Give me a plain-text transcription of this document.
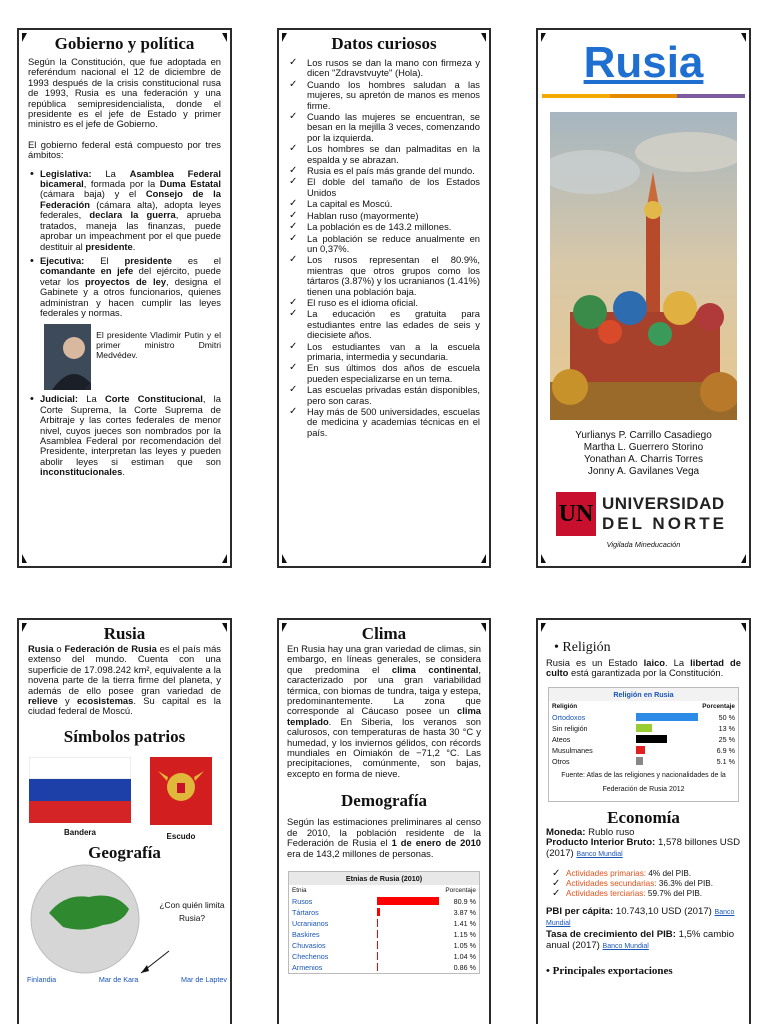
Gobierno y política

Según la Constitución, que fue adoptada en referéndum nacional el 12 de diciembre de 1993 después de la crisis constitucional rusa de 1993, Rusia es una federación y una república semipresidencialista, donde el presidente es el jefe de Estado y primer ministro es el jefe de Gobierno.

El gobierno federal está compuesto por tres ámbitos:

• Legislativa: La Asamblea Federal bicameral, formada por la Duma Estatal (cámara baja) y el Consejo de la Federación (cámara alta), adopta leyes federales, declara la guerra, aprueba tratados, maneja las finanzas, puede aprobar un impeachment por el que puede destituir al presidente.
• Ejecutiva: El presidente es el comandante en jefe del ejército, puede vetar los proyectos de ley, designa el Gabinete y a otros funcionarios, quienes administran y hacen cumplir las leyes federales y normas.
El presidente Vladimir Putin y el primer ministro Dmitri Medvédev.
• Judicial: La Corte Constitucional, la Corte Suprema, la Corte Suprema de Arbitraje y las cortes federales de menor nivel, cuyos jueces son nombrados por la Asamblea Federal por recomendación del Presidente, interpretan las leyes y pueden abolir leyes si estiman que son inconstitucionales.
Datos curiosos
✓ Los rusos se dan la mano con firmeza y dicen "Zdravstvuyte" (Hola).
✓ Cuando los hombres saludan a las mujeres, su apretón de manos es menos firme.
✓ Cuando las mujeres se encuentran, se besan en la mejilla 3 veces, comenzando por la izquierda.
✓ Los hombres se dan palmaditas en la espalda y se abrazan.
✓ Rusia es el país más grande del mundo.
✓ El doble del tamaño de los Estados Unidos
✓ La capital es Moscú.
✓ Hablan ruso (mayormente)
✓ La población es de 143.2 millones.
✓ La población se reduce anualmente en un 0,37%.
✓ Los rusos representan el 80.9%, mientras que otros grupos como los tártaros (3.87%) y los ucranianos (1.41%) tienen una población baja.
✓ El ruso es el idioma oficial.
✓ La educación es gratuita para estudiantes entre las edades de seis y diecisiete años.
✓ Los estudiantes van a la escuela primaria, intermedia y secundaria.
✓ En sus últimos dos años de escuela pueden especializarse en un tema.
✓ Las escuelas privadas están disponibles, pero son caras.
✓ Hay más de 500 universidades, escuelas de medicina y academias técnicas en el país.
Rusia
Yurlianys P. Carrillo Casadiego
Martha L. Guerrero Storino
Yonathan A. Charris Torres
Jonny A. Gavilanes Vega
UN UNIVERSIDAD
DEL NORTE
Vigilada Mineducación
Rusia

Rusia o Federación de Rusia es el país más extenso del mundo. Cuenta con una superficie de 17.098.242 km², equivalente a la novena parte de la tierra firme del planeta, y además de ello posee gran variedad de relieve y ecosistemas. Su capital es la ciudad federal de Moscú.

Símbolos patrios
Bandera	Escudo
Geografía
¿Con quién limita Rusia?
Finlandia	Mar de Kara	Mar de Laptev
Clima

En Rusia hay una gran variedad de climas, sin embargo, en líneas generales, se considera que predomina el clima continental, caracterizado por una gran variabilidad térmica, con biomas de tundra, taiga y estepa, predominantemente. La zona que corresponde al Cáucaso posee un clima templado. En Siberia, los veranos son calurosos, con temperaturas de hasta 30 °C y humedad, y los inviernos gélidos, con récords mundiales en Oimiakón de −71,2 °C. Las precipitaciones, comúnmente, son bajas, excepto en forma de nieve.

Demografía

Según las estimaciones preliminares al censo de 2010, la población residente de la Federación de Rusia el 1 de enero de 2010 era de 143,2 millones de personas.

Etnias de Rusia (2010)
Etnia	Porcentaje
Rusos	80.9 %
Tártaros	3.87 %
Ucranianos	1.41 %
Baskires	1.15 %
Chuvasios	1.05 %
Chechenos	1.04 %
Armenios	0.86 %
• Religión

Rusia es un Estado laico. La libertad de culto está garantizada por la Constitución.

Religión en Rusia
Religión	Porcentaje
Ortodoxos	50 %
Sin religión	13 %
Ateos	25 %
Musulmanes	6.9 %
Otros	5.1 %
Fuente: Atlas de las religiones y nacionalidades de la Federación de Rusia 2012
Economía
Moneda: Rublo ruso
Producto Interior Bruto: 1,578 billones USD (2017) Banco Mundial
✓ Actividades primarias: 4% del PIB.
✓ Actividades secundarias: 36.3% del PIB.
✓ Actividades terciarias: 59.7% del PIB.
PBI per cápita: 10.743,10 USD (2017) Banco Mundial
Tasa de crecimiento del PIB: 1,5% cambio anual (2017) Banco Mundial
• Principales exportaciones
